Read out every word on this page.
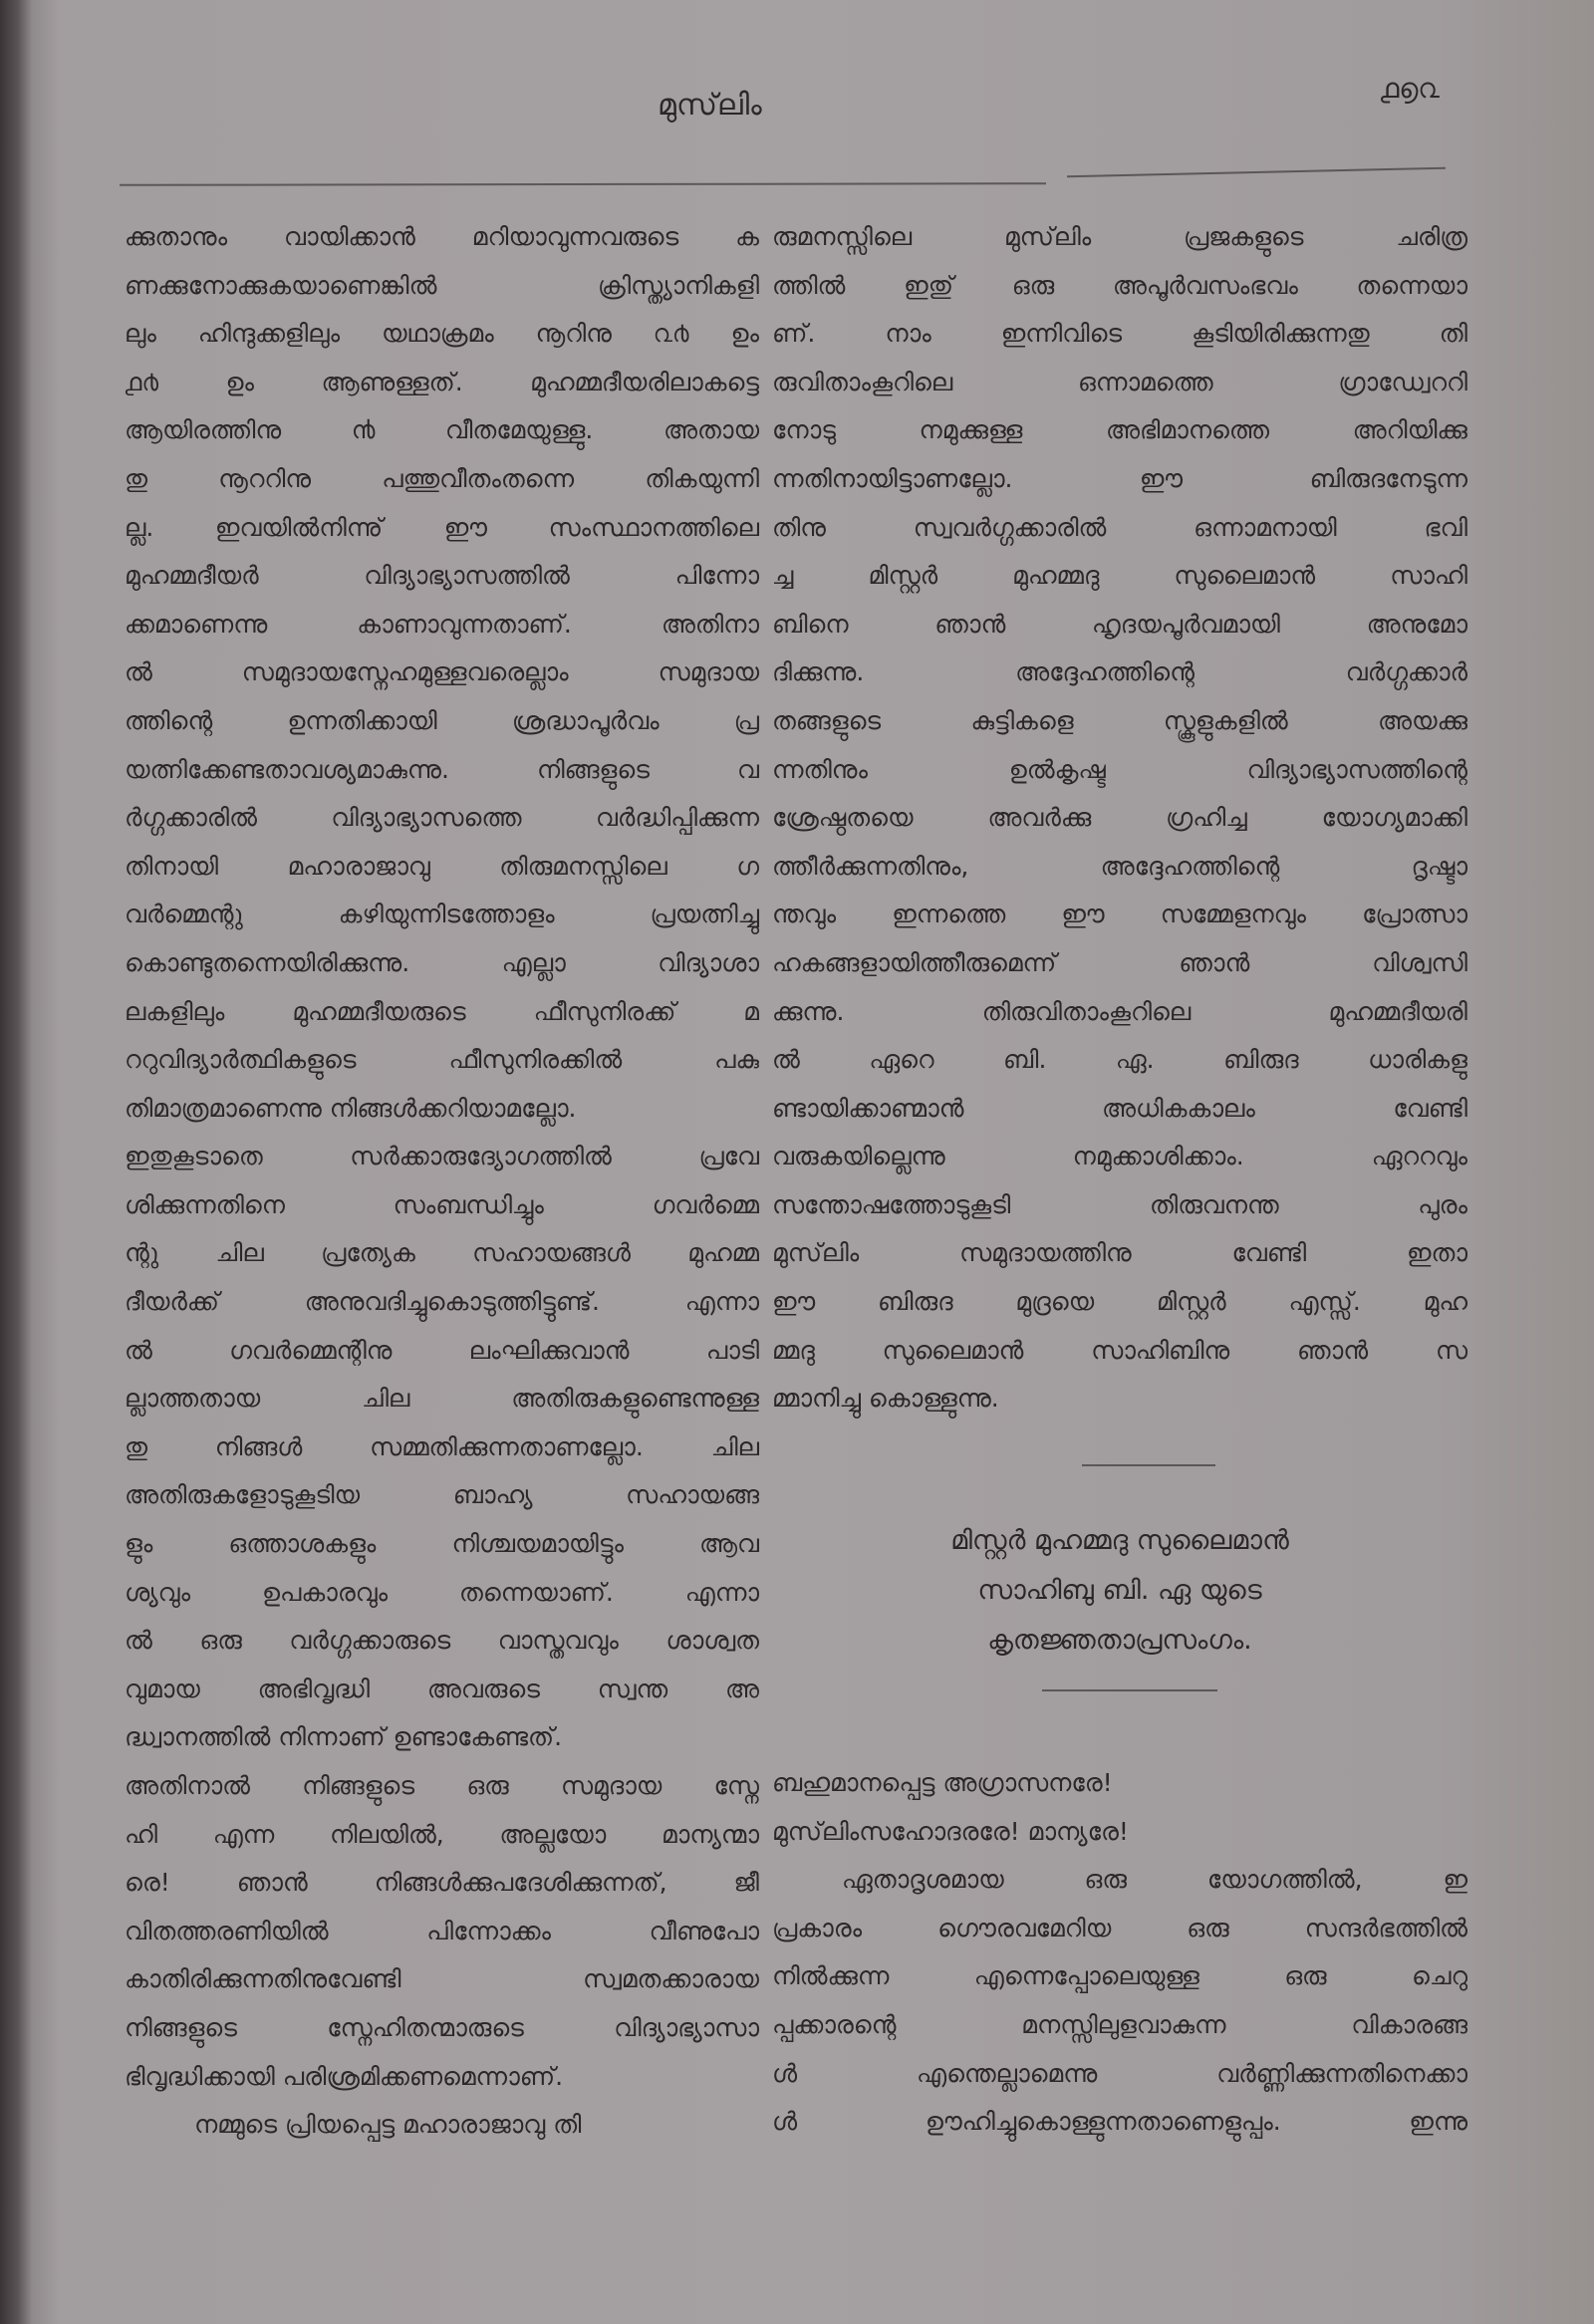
മുസ്‌ലിം	൧൭൨
ക്കുതാനും വായിക്കാൻ മറിയാവുന്നവരുടെ ക
ണക്കുനോക്കുകയാണെങ്കിൽ ക്രിസ്ത്യാനികളി
ലും ഹിന്ദുക്കളിലും യഥാക്രമം നൂറിനു ൨൪ ഉം
൧൪ ഉം ആണുള്ളത്. മുഹമ്മദീയരിലാകട്ടെ
ആയിരത്തിനു ൯ വീതമേയുള്ളു. അതായ
തു നൂററിനു പത്തുവീതംതന്നെ തികയുന്നി
ല്ല. ഇവയിൽനിന്നു് ഈ സംസ്ഥാനത്തിലെ
മുഹമ്മദീയർ വിദ്യാഭ്യാസത്തിൽ പിന്നോ
ക്കമാണെന്നു കാണാവുന്നതാണ്. അതിനാ
ൽ സമുദായസ്നേഹമുള്ളവരെല്ലാം സമുദായ
ത്തിന്റെ ഉന്നതിക്കായി ശ്രദ്ധാപൂർവം പ്ര
യത്നിക്കേണ്ടതാവശ്യമാകുന്നു. നിങ്ങളുടെ വ
ർഗ്ഗക്കാരിൽ വിദ്യാഭ്യാസത്തെ വർദ്ധിപ്പിക്കുന്ന
തിനായി മഹാരാജാവു തിരുമനസ്സിലെ ഗ
വർമ്മെന്റു കഴിയുന്നിടത്തോളം പ്രയത്നിച്ചു
കൊണ്ടുതന്നെയിരിക്കുന്നു. എല്ലാ വിദ്യാശാ
ലകളിലും മുഹമ്മദീയരുടെ ഫീസുനിരക്ക് മ
ററുവിദ്യാർത്ഥികളുടെ ഫീസുനിരക്കിൽ പകു
തിമാത്രമാണെന്നു നിങ്ങൾക്കറിയാമല്ലോ.
ഇതുകൂടാതെ സർക്കാരുദ്യോഗത്തിൽ പ്രവേ
ശിക്കുന്നതിനെ സംബന്ധിച്ചും ഗവർമ്മെ
ന്റു ചില പ്രത്യേക സഹായങ്ങൾ മുഹമ്മ
ദീയർക്ക് അനുവദിച്ചുകൊടുത്തിട്ടുണ്ട്. എന്നാ
ൽ ഗവർമ്മെന്റിനു ലംഘിക്കുവാൻ പാടി
ല്ലാത്തതായ ചില അതിരുകളുണ്ടെന്നുള്ള
തു നിങ്ങൾ സമ്മതിക്കുന്നതാണല്ലോ. ചില
അതിരുകളോടുകൂടിയ ബാഹ്യ സഹായങ്ങ
ളും ഒത്താശകളും നിശ്ചയമായിട്ടും ആവ
ശ്യവും ഉപകാരവും തന്നെയാണ്. എന്നാ
ൽ ഒരു വർഗ്ഗക്കാരുടെ വാസ്തവവും ശാശ്വത
വുമായ അഭിവൃദ്ധി അവരുടെ സ്വന്ത അ
ദ്ധ്വാനത്തിൽ നിന്നാണ് ഉണ്ടാകേണ്ടത്.
അതിനാൽ നിങ്ങളുടെ ഒരു സമുദായ സ്നേ
ഹി എന്ന നിലയിൽ, അല്ലയോ മാന്യന്മാ
രെ! ഞാൻ നിങ്ങൾക്കുപദേശിക്കുന്നത്, ജീ
വിതത്തരണിയിൽ പിന്നോക്കം വീണുപോ
കാതിരിക്കുന്നതിനുവേണ്ടി സ്വമതക്കാരായ
നിങ്ങളുടെ സ്നേഹിതന്മാരുടെ വിദ്യാഭ്യാസാ
ഭിവൃദ്ധിക്കായി പരിശ്രമിക്കണമെന്നാണ്.
നമ്മുടെ പ്രിയപ്പെട്ട മഹാരാജാവു തി
രുമനസ്സിലെ മുസ്‌ലിം പ്രജകളുടെ ചരിത്ര
ത്തിൽ ഇതു് ഒരു അപൂർവസംഭവം തന്നെയാ
ണ്. നാം ഇന്നിവിടെ കൂടിയിരിക്കുന്നതു തി
രുവിതാംകൂറിലെ ഒന്നാമത്തെ ഗ്രാഡ്വേററി
നോടു നമുക്കുള്ള അഭിമാനത്തെ അറിയിക്കു
ന്നതിനായിട്ടാണല്ലോ. ഈ ബിരുദനേടുന്ന
തിനു സ്വവർഗ്ഗക്കാരിൽ ഒന്നാമനായി ഭവി
ച്ച മിസ്റ്റർ മുഹമ്മദു സുലൈമാൻ സാഹി
ബിനെ ഞാൻ ഹൃദയപൂർവമായി അനുമോ
ദിക്കുന്നു. അദ്ദേഹത്തിന്റെ വർഗ്ഗക്കാർ
തങ്ങളുടെ കുട്ടികളെ സ്കൂളുകളിൽ അയക്കു
ന്നതിനും ഉൽകൃഷ്ട വിദ്യാഭ്യാസത്തിന്റെ
ശ്രേഷ്ഠതയെ അവർക്കു ഗ്രഹിച്ച യോഗ്യമാക്കി
ത്തീർക്കുന്നതിനും, അദ്ദേഹത്തിന്റെ ദൃഷ്ടാ
ന്തവും ഇന്നത്തെ ഈ സമ്മേളനവും പ്രോത്സാ
ഹകങ്ങളായിത്തീരുമെന്ന് ഞാൻ വിശ്വസി
ക്കുന്നു. തിരുവിതാംകൂറിലെ മുഹമ്മദീയരി
ൽ ഏറെ ബി. ഏ. ബിരുദ ധാരികളു
ണ്ടായിക്കാണ്മാൻ അധികകാലം വേണ്ടി
വരുകയില്ലെന്നു നമുക്കാശിക്കാം. ഏററവും
സന്തോഷത്തോടുകൂടി തിരുവനന്ത പുരം
മുസ്‌ലിം സമുദായത്തിനു വേണ്ടി ഇതാ
ഈ ബിരുദ മുദ്രയെ മിസ്റ്റർ എസ്സ്. മുഹ
മ്മദു സുലൈമാൻ സാഹിബിനു ഞാൻ സ
മ്മാനിച്ചു കൊള്ളുന്നു.
മിസ്റ്റർ മുഹമ്മദു സുലൈമാൻ
സാഹിബു ബി. ഏ യുടെ
കൃതജ്ഞതാപ്രസംഗം.
ബഹുമാനപ്പെട്ട അഗ്രാസനരേ!
മുസ്‌ലിംസഹോദരരേ! മാന്യരേ!
ഏതാദൃശമായ ഒരു യോഗത്തിൽ, ഇ
പ്രകാരം ഗൌരവമേറിയ ഒരു സന്ദർഭത്തിൽ
നിൽക്കുന്ന എന്നെപ്പോലെയുള്ള ഒരു ചെറു
പ്പക്കാരന്റെ മനസ്സിലുളവാകുന്ന വികാരങ്ങ
ൾ എന്തെല്ലാമെന്നു വർണ്ണിക്കുന്നതിനെക്കാ
ൾ ഊഹിച്ചുകൊള്ളുന്നതാണെളുപ്പം. ഇന്നു
